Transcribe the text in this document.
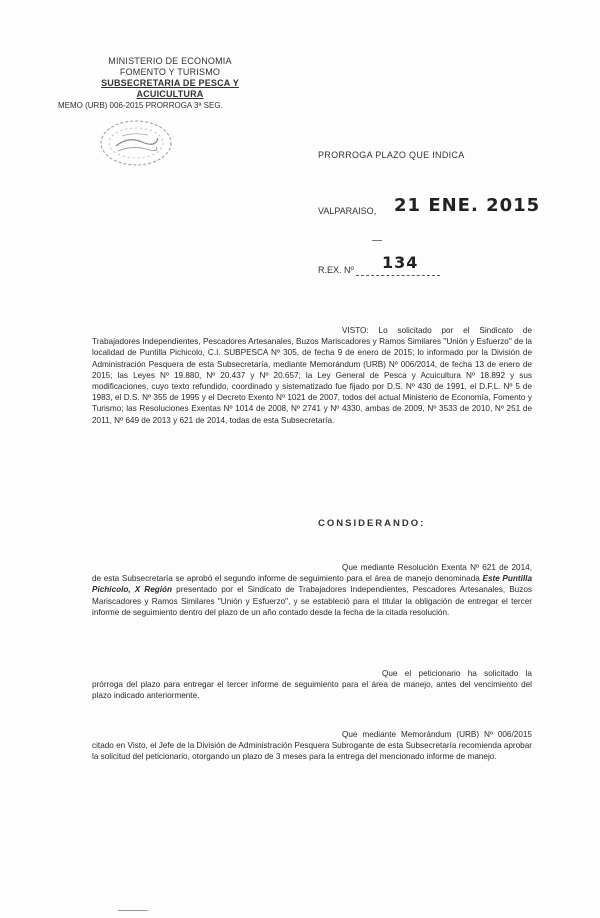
MINISTERIO DE ECONOMIA
FOMENTO Y TURISMO
SUBSECRETARIA DE PESCA Y ACUICULTURA
MEMO (URB) 006-2015 PRORROGA 3ª SEG.
PRORROGA PLAZO QUE INDICA
VALPARAISO, 21 ENE. 2015
R.EX. Nº 134
VISTO: Lo solicitado por el Sindicato de Trabajadores Independientes, Pescadores Artesanales, Buzos Mariscadores y Ramos Similares "Unión y Esfuerzo" de la localidad de Puntilla Pichicolo, C.I. SUBPESCA Nº 305, de fecha 9 de enero de 2015; lo informado por la División de Administración Pesquera de esta Subsecretaría, mediante Memorándum (URB) Nº 006/2014, de fecha 13 de enero de 2015; las Leyes Nº 19.880, Nº 20.437 y Nº 20.657; la Ley General de Pesca y Acuicultura Nº 18.892 y sus modificaciones, cuyo texto refundido, coordinado y sistematizado fue fijado por D.S. Nº 430 de 1991, el D.F.L. Nº 5 de 1983, el D.S. Nº 355 de 1995 y el Decreto Exento Nº 1021 de 2007, todos del actual Ministerio de Economía, Fomento y Turismo; las Resoluciones Exentas Nº 1014 de 2008, Nº 2741 y Nº 4330, ambas de 2009, Nº 3533 de 2010, Nº 251 de 2011, Nº 649 de 2013 y 621 de 2014, todas de esta Subsecretaría.
CONSIDERANDO:
Que mediante Resolución Exenta Nº 621 de 2014, de esta Subsecretaría se aprobó el segundo informe de seguimiento para el área de manejo denominada Este Puntilla Pichicolo, X Región presentado por el Sindicato de Trabajadores Independientes, Pescadores Artesanales, Buzos Mariscadores y Ramos Similares "Unión y Esfuerzo", y se estableció para el titular la obligación de entregar el tercer informe de seguimiento dentro del plazo de un año contado desde la fecha de la citada resolución.
Que el peticionario ha solicitado la prórroga del plazo para entregar el tercer informe de seguimiento para el área de manejo, antes del vencimiento del plazo indicado anteriormente.
Que mediante Memorándum (URB) Nº 006/2015 citado en Visto, el Jefe de la División de Administración Pesquera Subrogante de esta Subsecretaría recomienda aprobar la solicitud del peticionario, otorgando un plazo de 3 meses para la entrega del mencionado informe de manejo.
